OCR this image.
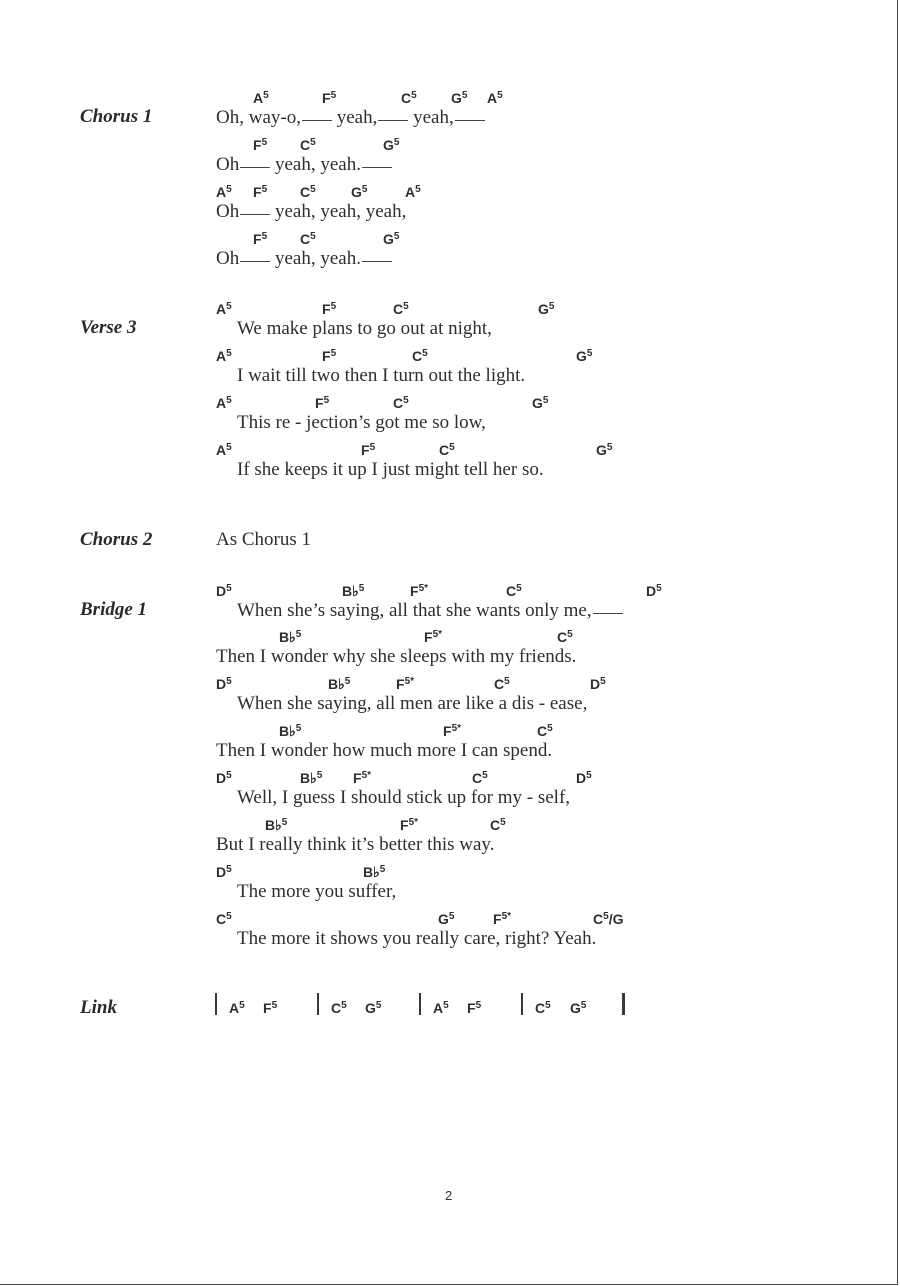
Chorus 1
$A^5$	$F^5$	$C^5$ $G^5$ $A^5$
Oh, way-o, yeah, yeah,
$F^5$ $C^5$	$G^5$
Oh yeah, yeah.
$A^5$ $F^5$ $C^5$	$G^5$	$A^5$
Oh yeah, yeah, yeah,
$F^5$ $C^5$	$G^5$
Oh yeah, yeah.
Verse 3
$A^5$	$F^5$	$C^5$	$G^5$
We make plans to go out at night,
$A^5$	$F^5$	$C^5$	$G^5$
I wait till two then I turn out the light.
$A^5$	$F^5$	$C^5$	$G^5$
This re - jection’s got me so low,
$A^5$	$F^5$	$C^5$	$G^5$
If she keeps it up I just might tell her so.
Chorus 2	As Chorus 1
Bridge 1
$D^5$	B♭$^5$	$F^{5*}$	$C^5$	$D^5$
When she’s saying, all that she wants only me,
B♭$^5$	$F^{5*}$	$C^5$
Then I wonder why she sleeps with my friends.
$D^5$	B♭$^5$	$F^{5*}$	$C^5$	$D^5$
When she saying, all men are like a dis - ease,
B♭$^5$	$F^{5*}$	$C^5$
Then I wonder how much more I can spend.
$D^5$	B♭$^5$ $F^{5*}$	$C^5$	$D^5$
Well, I guess I should stick up for my - self,
B♭$^5$	$F^{5*}$	$C^5$
But I really think it’s better this way.
$D^5$	B♭$^5$
The more you suffer,
$C^5$	$G^5$	$F^{5*}$	$C^5/G$
The more it shows you really care, right? Yeah.
Link	$A^5$ $F^5$	$C^5$ $G^5$	$A^5$ $F^5$	$C^5$ $G^5$
2
